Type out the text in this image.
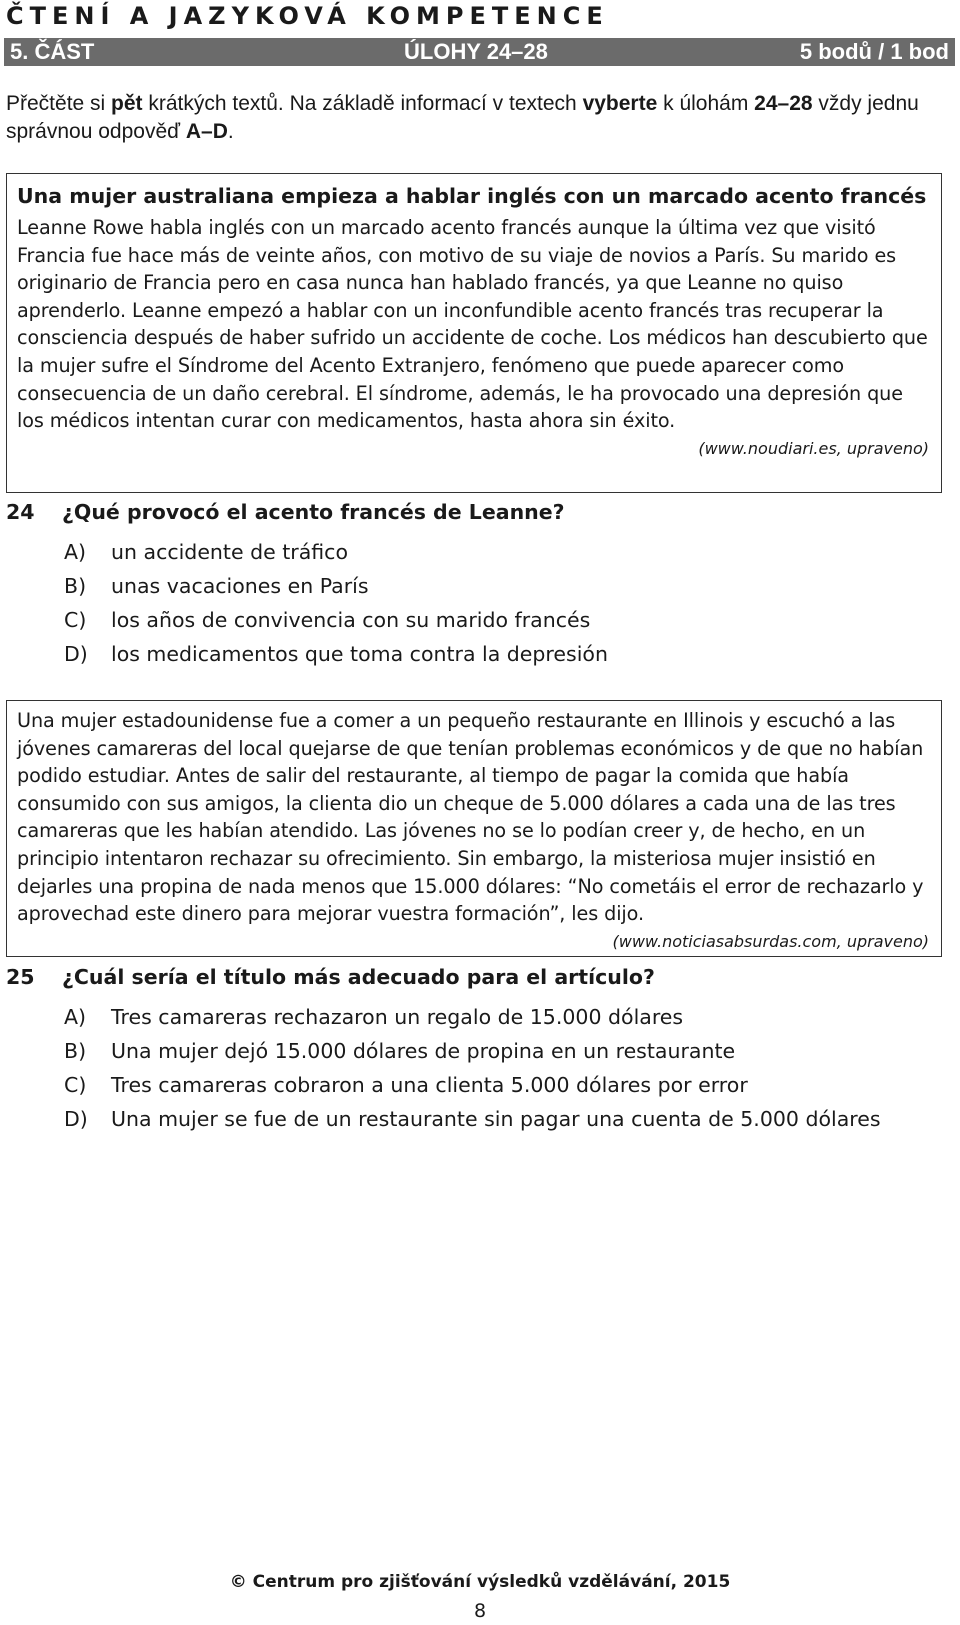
ČTENÍ A JAZYKOVÁ KOMPETENCE
5. ČÁST	ÚLOHY 24–28	5 bodů / 1 bod
Přečtěte si pět krátkých textů. Na základě informací v textech vyberte k úlohám 24–28 vždy jednu správnou odpověď A–D.
Una mujer australiana empieza a hablar inglés con un marcado acento francés
Leanne Rowe habla inglés con un marcado acento francés aunque la última vez que visitó Francia fue hace más de veinte años, con motivo de su viaje de novios a París. Su marido es originario de Francia pero en casa nunca han hablado francés, ya que Leanne no quiso aprenderlo. Leanne empezó a hablar con un inconfundible acento francés tras recuperar la consciencia después de haber sufrido un accidente de coche. Los médicos han descubierto que la mujer sufre el Síndrome del Acento Extranjero, fenómeno que puede aparecer como consecuencia de un daño cerebral. El síndrome, además, le ha provocado una depresión que los médicos intentan curar con medicamentos, hasta ahora sin éxito.
(www.noudiari.es, upraveno)
24 ¿Qué provocó el acento francés de Leanne?
A) un accidente de tráfico
B) unas vacaciones en París
C) los años de convivencia con su marido francés
D) los medicamentos que toma contra la depresión
Una mujer estadounidense fue a comer a un pequeño restaurante en Illinois y escuchó a las jóvenes camareras del local quejarse de que tenían problemas económicos y de que no habían podido estudiar. Antes de salir del restaurante, al tiempo de pagar la comida que había consumido con sus amigos, la clienta dio un cheque de 5.000 dólares a cada una de las tres camareras que les habían atendido. Las jóvenes no se lo podían creer y, de hecho, en un principio intentaron rechazar su ofrecimiento. Sin embargo, la misteriosa mujer insistió en dejarles una propina de nada menos que 15.000 dólares: “No cometáis el error de rechazarlo y aprovechad este dinero para mejorar vuestra formación”, les dijo.
(www.noticiasabsurdas.com, upraveno)
25 ¿Cuál sería el título más adecuado para el artículo?
A) Tres camareras rechazaron un regalo de 15.000 dólares
B) Una mujer dejó 15.000 dólares de propina en un restaurante
C) Tres camareras cobraron a una clienta 5.000 dólares por error
D) Una mujer se fue de un restaurante sin pagar una cuenta de 5.000 dólares
© Centrum pro zjišťování výsledků vzdělávání, 2015
8
